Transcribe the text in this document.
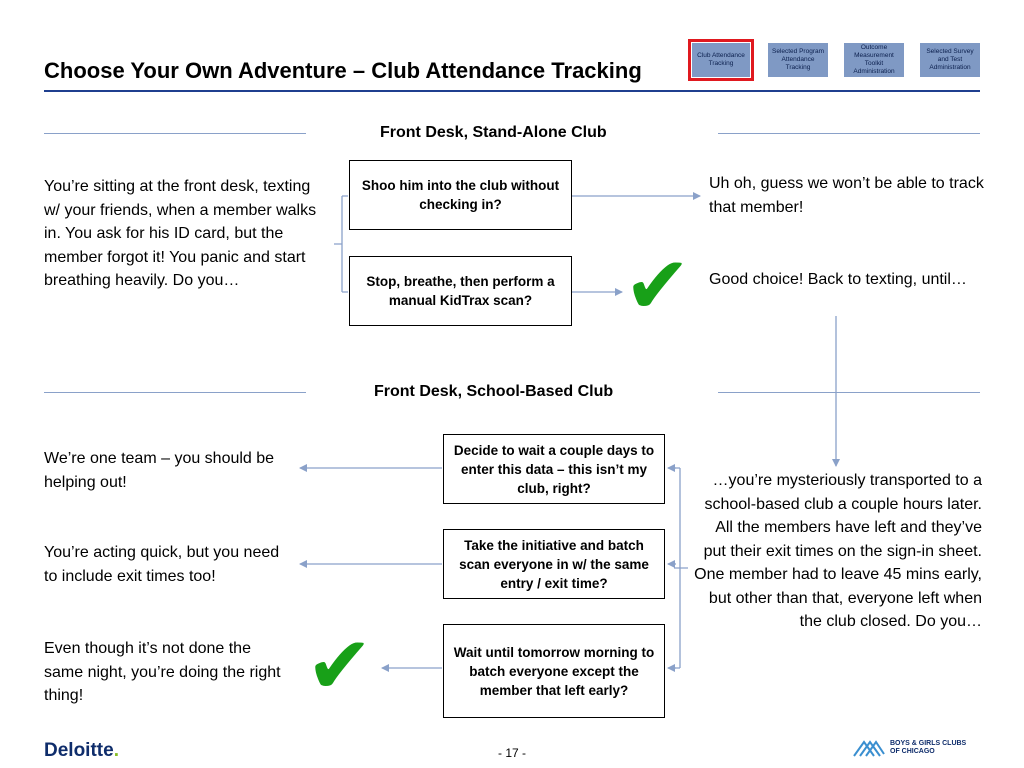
Choose Your Own Adventure – Club Attendance Tracking
Club Attendance Tracking
Selected Program Attendance Tracking
Outcome Measurement Toolkit Administration
Selected Survey and Test Administration
Front Desk, Stand-Alone Club
You’re sitting at the front desk, texting w/ your friends, when a member walks in. You ask for his ID card, but the member forgot it! You panic and start breathing heavily. Do you…
Shoo him into the club without checking in?
Stop, breathe, then perform a manual KidTrax scan?	✔
Uh oh, guess we won’t be able to track that member!
Good choice! Back to texting, until…
Front Desk, School-Based Club
We’re one team – you should be helping out!
You’re acting quick, but you need to include exit times too!
Even though it’s not done the same night, you’re doing the right thing!	✔
Decide to wait a couple days to enter this data – this isn’t my club, right?
Take the initiative and batch scan everyone in w/ the same entry / exit time?
Wait until tomorrow morning to batch everyone except the member that left early?
…you’re mysteriously transported to a school-based club a couple hours later. All the members have left and they’ve put their exit times on the sign-in sheet. One member had to leave 45 mins early, but other than that, everyone left when the club closed. Do you…
Deloitte.	- 17 -
BOYS & GIRLS CLUBS
OF CHICAGO
